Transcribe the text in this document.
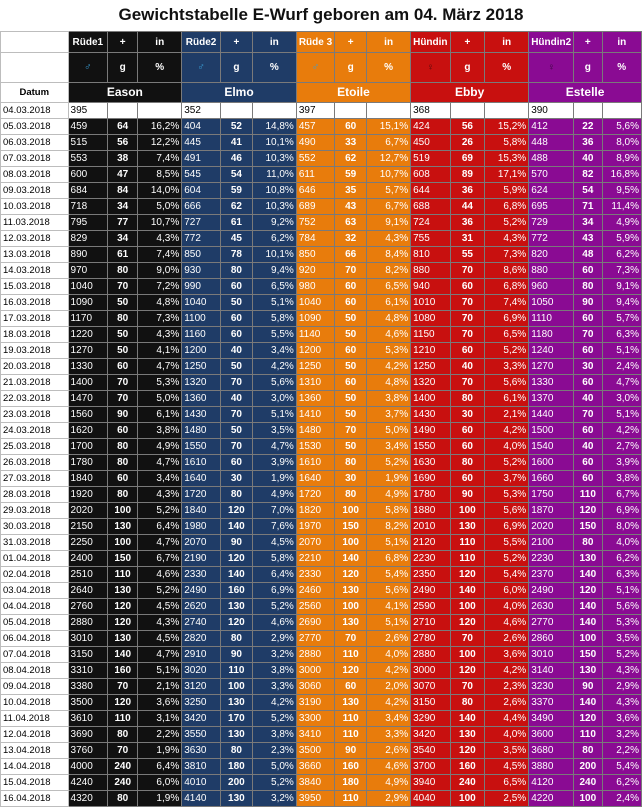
Gewichtstabelle E-Wurf geboren am 04. März 2018
	Rüde1	+	in	Rüde2	+	in	Rüde 3	+	in	Hündin	+	in	Hündin2	+	in
	♂	g	%	♂	g	%	♂	g	%	♀	g	%	♀	g	%
Datum	Eason			Elmo			Etoile			Ebby			Estelle		
04.03.2018	395			352			397			368			390		
05.03.2018	459	64	16,2%	404	52	14,8%	457	60	15,1%	424	56	15,2%	412	22	5,6%
06.03.2018	515	56	12,2%	445	41	10,1%	490	33	6,7%	450	26	5,8%	448	36	8,0%
07.03.2018	553	38	7,4%	491	46	10,3%	552	62	12,7%	519	69	15,3%	488	40	8,9%
08.03.2018	600	47	8,5%	545	54	11,0%	611	59	10,7%	608	89	17,1%	570	82	16,8%
09.03.2018	684	84	14,0%	604	59	10,8%	646	35	5,7%	644	36	5,9%	624	54	9,5%
10.03.2018	718	34	5,0%	666	62	10,3%	689	43	6,7%	688	44	6,8%	695	71	11,4%
11.03.2018	795	77	10,7%	727	61	9,2%	752	63	9,1%	724	36	5,2%	729	34	4,9%
12.03.2018	829	34	4,3%	772	45	6,2%	784	32	4,3%	755	31	4,3%	772	43	5,9%
13.03.2018	890	61	7,4%	850	78	10,1%	850	66	8,4%	810	55	7,3%	820	48	6,2%
14.03.2018	970	80	9,0%	930	80	9,4%	920	70	8,2%	880	70	8,6%	880	60	7,3%
15.03.2018	1040	70	7,2%	990	60	6,5%	980	60	6,5%	940	60	6,8%	960	80	9,1%
16.03.2018	1090	50	4,8%	1040	50	5,1%	1040	60	6,1%	1010	70	7,4%	1050	90	9,4%
17.03.2018	1170	80	7,3%	1100	60	5,8%	1090	50	4,8%	1080	70	6,9%	1110	60	5,7%
18.03.2018	1220	50	4,3%	1160	60	5,5%	1140	50	4,6%	1150	70	6,5%	1180	70	6,3%
19.03.2018	1270	50	4,1%	1200	40	3,4%	1200	60	5,3%	1210	60	5,2%	1240	60	5,1%
20.03.2018	1330	60	4,7%	1250	50	4,2%	1250	50	4,2%	1250	40	3,3%	1270	30	2,4%
21.03.2018	1400	70	5,3%	1320	70	5,6%	1310	60	4,8%	1320	70	5,6%	1330	60	4,7%
22.03.2018	1470	70	5,0%	1360	40	3,0%	1360	50	3,8%	1400	80	6,1%	1370	40	3,0%
23.03.2018	1560	90	6,1%	1430	70	5,1%	1410	50	3,7%	1430	30	2,1%	1440	70	5,1%
24.03.2018	1620	60	3,8%	1480	50	3,5%	1480	70	5,0%	1490	60	4,2%	1500	60	4,2%
25.03.2018	1700	80	4,9%	1550	70	4,7%	1530	50	3,4%	1550	60	4,0%	1540	40	2,7%
26.03.2018	1780	80	4,7%	1610	60	3,9%	1610	80	5,2%	1630	80	5,2%	1600	60	3,9%
27.03.2018	1840	60	3,4%	1640	30	1,9%	1640	30	1,9%	1690	60	3,7%	1660	60	3,8%
28.03.2018	1920	80	4,3%	1720	80	4,9%	1720	80	4,9%	1780	90	5,3%	1750	110	6,7%
29.03.2018	2020	100	5,2%	1840	120	7,0%	1820	100	5,8%	1880	100	5,6%	1870	120	6,9%
30.03.2018	2150	130	6,4%	1980	140	7,6%	1970	150	8,2%	2010	130	6,9%	2020	150	8,0%
31.03.2018	2250	100	4,7%	2070	90	4,5%	2070	100	5,1%	2120	110	5,5%	2100	80	4,0%
01.04.2018	2400	150	6,7%	2190	120	5,8%	2210	140	6,8%	2230	110	5,2%	2230	130	6,2%
02.04.2018	2510	110	4,6%	2330	140	6,4%	2330	120	5,4%	2350	120	5,4%	2370	140	6,3%
03.04.2018	2640	130	5,2%	2490	160	6,9%	2460	130	5,6%	2490	140	6,0%	2490	120	5,1%
04.04.2018	2760	120	4,5%	2620	130	5,2%	2560	100	4,1%	2590	100	4,0%	2630	140	5,6%
05.04.2018	2880	120	4,3%	2740	120	4,6%	2690	130	5,1%	2710	120	4,6%	2770	140	5,3%
06.04.2018	3010	130	4,5%	2820	80	2,9%	2770	70	2,6%	2780	70	2,6%	2860	100	3,5%
07.04.2018	3150	140	4,7%	2910	90	3,2%	2880	110	4,0%	2880	100	3,6%	3010	150	5,2%
08.04.2018	3310	160	5,1%	3020	110	3,8%	3000	120	4,2%	3000	120	4,2%	3140	130	4,3%
09.04.2018	3380	70	2,1%	3120	100	3,3%	3060	60	2,0%	3070	70	2,3%	3230	90	2,9%
10.04.2018	3500	120	3,6%	3250	130	4,2%	3190	130	4,2%	3150	80	2,6%	3370	140	4,3%
11.04.2018	3610	110	3,1%	3420	170	5,2%	3300	110	3,4%	3290	140	4,4%	3490	120	3,6%
12.04.2018	3690	80	2,2%	3550	130	3,8%	3410	110	3,3%	3420	130	4,0%	3600	110	3,2%
13.04.2018	3760	70	1,9%	3630	80	2,3%	3500	90	2,6%	3540	120	3,5%	3680	80	2,2%
14.04.2018	4000	240	6,4%	3810	180	5,0%	3660	160	4,6%	3700	160	4,5%	3880	200	5,4%
15.04.2018	4240	240	6,0%	4010	200	5,2%	3840	180	4,9%	3940	240	6,5%	4120	240	6,2%
16.04.2018	4320	80	1,9%	4140	130	3,2%	3950	110	2,9%	4040	100	2,5%	4220	100	2,4%
